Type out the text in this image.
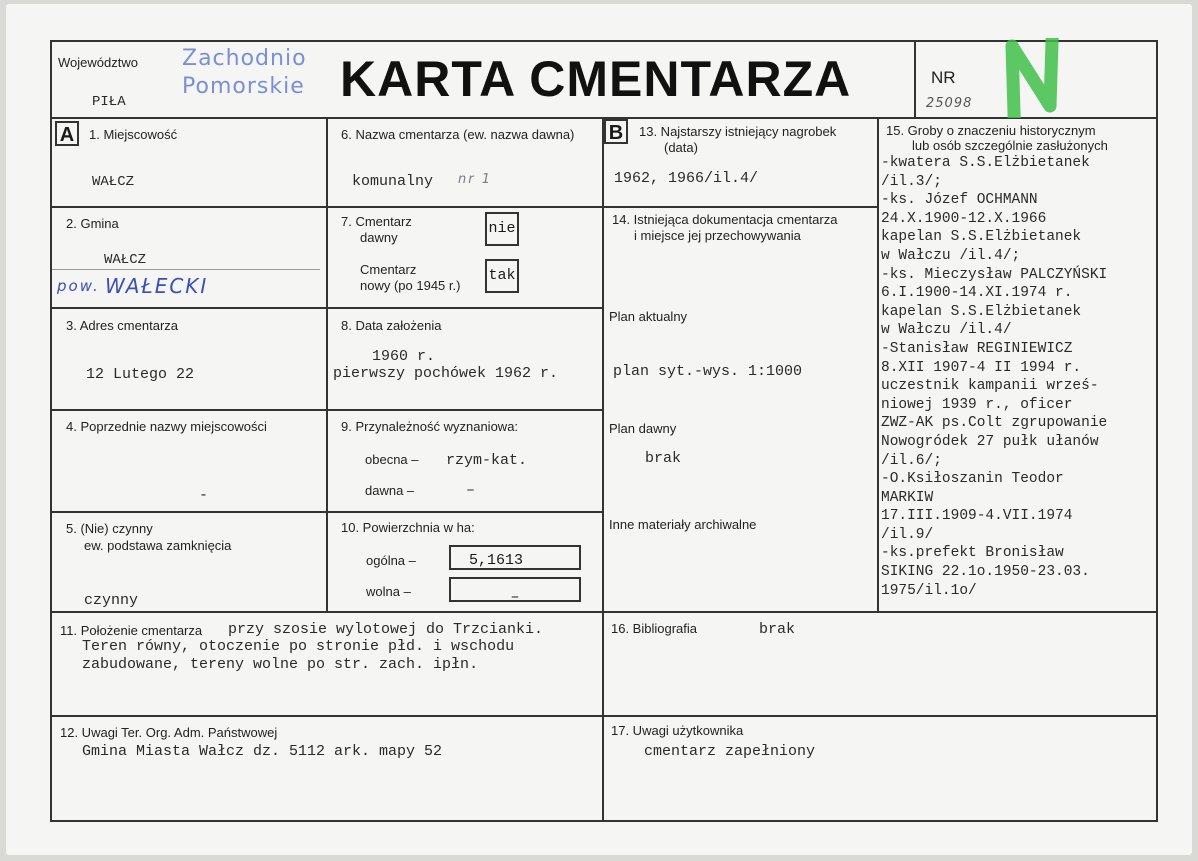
Województwo Zachodnio
Pomorskie
PIŁA	KARTA CMENTARZA	NR
25098
A	1. Miejscowość
WAŁCZ
2. Gmina
WAŁCZ
pow. WAŁECKI
3. Adres cmentarza
12 Lutego 22
4. Poprzednie nazwy miejscowości
-
5. (Nie) czynny
ew. podstawa zamknięcia
czynny
6. Nazwa cmentarza (ew. nazwa dawna)
komunalny nr 1
7. Cmentarz
dawny
nie
Cmentarz
nowy (po 1945 r.)
tak
8. Data założenia
1960 r.
pierwszy pochówek 1962 r.
9. Przynależność wyznaniowa:
obecna – rzym-kat.
dawna –	–
10. Powierzchnia w ha:
ogólna –	5,1613
wolna –	–
B	13. Najstarszy istniejący nagrobek
(data)
1962, 1966/il.4/
14. Istniejąca dokumentacja cmentarza
i miejsce jej przechowywania
Plan aktualny
plan syt.-wys. 1:1000
Plan dawny
brak
Inne materiały archiwalne
15. Groby o znaczeniu historycznym
lub osób szczególnie zasłużonych
-kwatera S.S.Elżbietanek
/il.3/;
-ks. Józef OCHMANN
24.X.1900-12.X.1966
kapelan S.S.Elżbietanek
w Wałczu /il.4/;
-ks. Mieczysław PALCZYŃSKI
6.I.1900-14.XI.1974 r.
kapelan S.S.Elżbietanek
w Wałczu /il.4/
-Stanisław REGINIEWICZ
8.XII 1907-4 II 1994 r.
uczestnik kampanii wrześ-
niowej 1939 r., oficer
ZWZ-AK ps.Colt zgrupowanie
Nowogródek 27 pułk ułanów
/il.6/;
-O.Ksiłoszanin Teodor
MARKIW
17.III.1909-4.VII.1974
/il.9/
-ks.prefekt Bronisław
SIKING 22.1o.1950-23.03.
1975/il.1o/
11. Położenie cmentarza przy szosie wylotowej do Trzcianki.
Teren równy, otoczenie po stronie płd. i wschodu
zabudowane, tereny wolne po str. zach. ipłn.
16. Bibliografia	brak
12. Uwagi Ter. Org. Adm. Państwowej
Gmina Miasta Wałcz dz. 5112 ark. mapy 52
17. Uwagi użytkownika
cmentarz zapełniony
